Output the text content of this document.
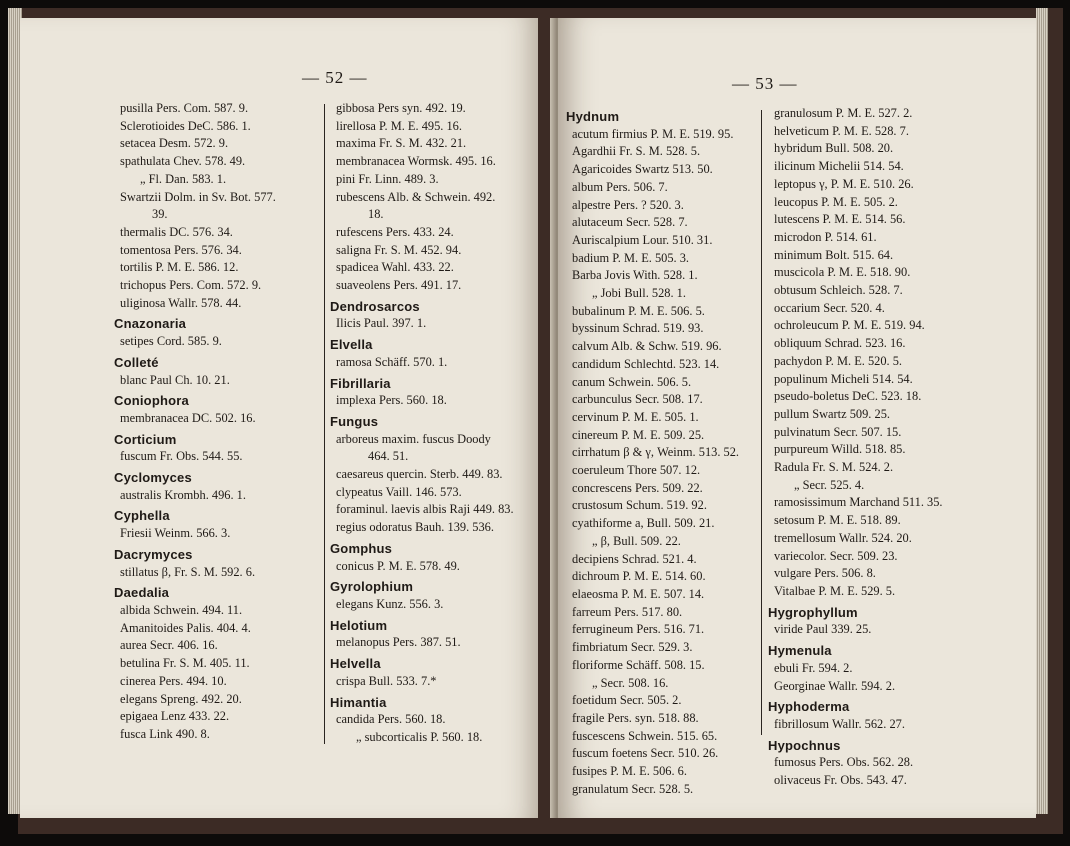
— 52 —
pusilla Pers. Com. 587. 9.
Sclerotioides DeC. 586. 1.
setacea Desm. 572. 9.
spathulata Chev. 578. 49.
„ Fl. Dan. 583. 1.
Swartzii Dolm. in Sv. Bot. 577.
39.
thermalis DC. 576. 34.
tomentosa Pers. 576. 34.
tortilis P. M. E. 586. 12.
trichopus Pers. Com. 572. 9.
uliginosa Wallr. 578. 44.
Cnazonaria
setipes Cord. 585. 9.
Colleté
blanc Paul Ch. 10. 21.
Coniophora
membranacea DC. 502. 16.
Corticium
fuscum Fr. Obs. 544. 55.
Cyclomyces
australis Krombh. 496. 1.
Cyphella
Friesii Weinm. 566. 3.
Dacrymyces
stillatus β, Fr. S. M. 592. 6.
Daedalia
albida Schwein. 494. 11.
Amanitoides Palis. 404. 4.
aurea Secr. 406. 16.
betulina Fr. S. M. 405. 11.
cinerea Pers. 494. 10.
elegans Spreng. 492. 20.
epigaea Lenz 433. 22.
fusca Link 490. 8.
gibbosa Pers syn. 492. 19.
lirellosa P. M. E. 495. 16.
maxima Fr. S. M. 432. 21.
membranacea Wormsk. 495. 16.
pini Fr. Linn. 489. 3.
rubescens Alb. & Schwein. 492.
18.
rufescens Pers. 433. 24.
saligna Fr. S. M. 452. 94.
spadicea Wahl. 433. 22.
suaveolens Pers. 491. 17.
Dendrosarcos
Ilicis Paul. 397. 1.
Elvella
ramosa Schäff. 570. 1.
Fibrillaria
implexa Pers. 560. 18.
Fungus
arboreus maxim. fuscus Doody
464. 51.
caesareus quercin. Sterb. 449. 83.
clypeatus Vaill. 146. 573.
foraminul. laevis albis Raji 449. 83.
regius odoratus Bauh. 139. 536.
Gomphus
conicus P. M. E. 578. 49.
Gyrolophium
elegans Kunz. 556. 3.
Helotium
melanopus Pers. 387. 51.
Helvella
crispa Bull. 533. 7.*
Himantia
candida Pers. 560. 18.
„ subcorticalis P. 560. 18.
— 53 —
Hydnum
acutum firmius P. M. E. 519. 95.
Agardhii Fr. S. M. 528. 5.
Agaricoides Swartz 513. 50.
album Pers. 506. 7.
alpestre Pers. ? 520. 3.
alutaceum Secr. 528. 7.
Auriscalpium Lour. 510. 31.
badium P. M. E. 505. 3.
Barba Jovis With. 528. 1.
„ Jobi Bull. 528. 1.
bubalinum P. M. E. 506. 5.
byssinum Schrad. 519. 93.
calvum Alb. & Schw. 519. 96.
candidum Schlechtd. 523. 14.
canum Schwein. 506. 5.
carbunculus Secr. 508. 17.
cervinum P. M. E. 505. 1.
cinereum P. M. E. 509. 25.
cirrhatum β & γ, Weinm. 513. 52.
coeruleum Thore 507. 12.
concrescens Pers. 509. 22.
crustosum Schum. 519. 92.
cyathiforme a, Bull. 509. 21.
„ β, Bull. 509. 22.
decipiens Schrad. 521. 4.
dichroum P. M. E. 514. 60.
elaeosma P. M. E. 507. 14.
farreum Pers. 517. 80.
ferrugineum Pers. 516. 71.
fimbriatum Secr. 529. 3.
floriforme Schäff. 508. 15.
„ Secr. 508. 16.
foetidum Secr. 505. 2.
fragile Pers. syn. 518. 88.
fuscescens Schwein. 515. 65.
fuscum foetens Secr. 510. 26.
fusipes P. M. E. 506. 6.
granulatum Secr. 528. 5.
granulosum P. M. E. 527. 2.
helveticum P. M. E. 528. 7.
hybridum Bull. 508. 20.
ilicinum Michelii 514. 54.
leptopus γ, P. M. E. 510. 26.
leucopus P. M. E. 505. 2.
lutescens P. M. E. 514. 56.
microdon P. 514. 61.
minimum Bolt. 515. 64.
muscicola P. M. E. 518. 90.
obtusum Schleich. 528. 7.
occarium Secr. 520. 4.
ochroleucum P. M. E. 519. 94.
obliquum Schrad. 523. 16.
pachydon P. M. E. 520. 5.
populinum Micheli 514. 54.
pseudo-boletus DeC. 523. 18.
pullum Swartz 509. 25.
pulvinatum Secr. 507. 15.
purpureum Willd. 518. 85.
Radula Fr. S. M. 524. 2.
„ Secr. 525. 4.
ramosissimum Marchand 511. 35.
setosum P. M. E. 518. 89.
tremellosum Wallr. 524. 20.
variecolor. Secr. 509. 23.
vulgare Pers. 506. 8.
Vitalbae P. M. E. 529. 5.
Hygrophyllum
viride Paul 339. 25.
Hymenula
ebuli Fr. 594. 2.
Georginae Wallr. 594. 2.
Hyphoderma
fibrillosum Wallr. 562. 27.
Hypochnus
fumosus Pers. Obs. 562. 28.
olivaceus Fr. Obs. 543. 47.
